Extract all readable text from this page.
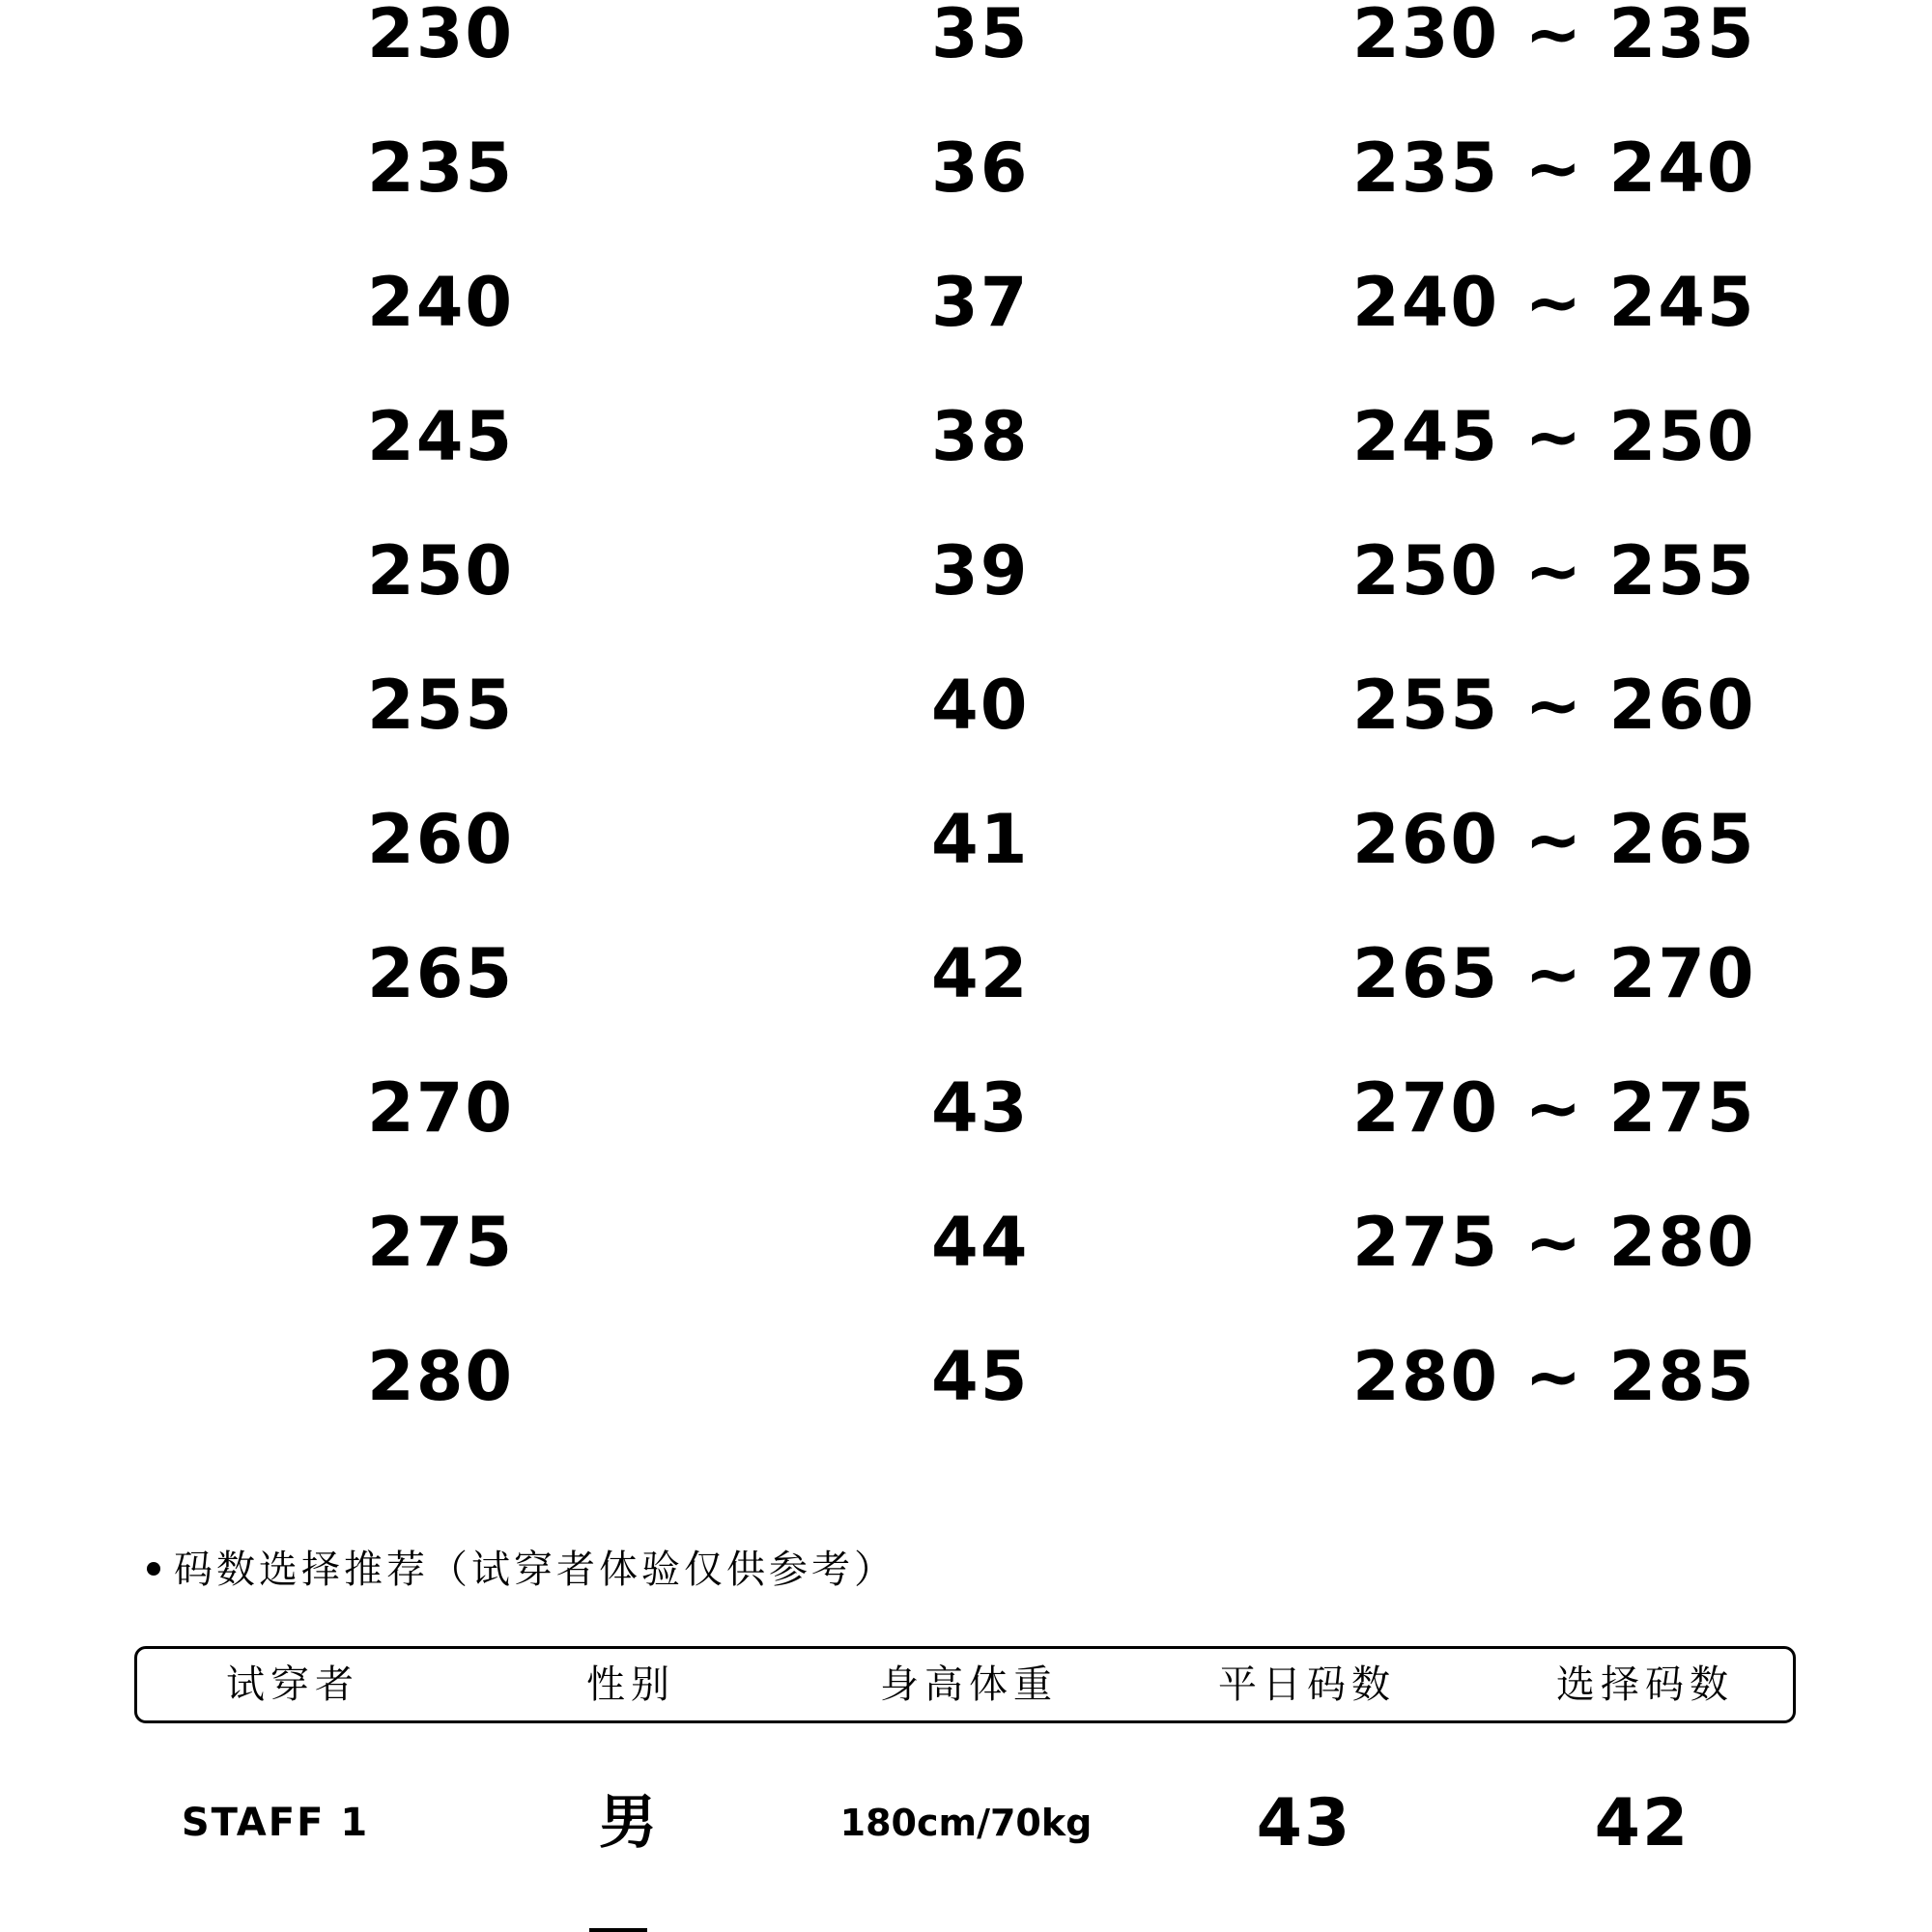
230	35	230 ~ 235
235	36	235 ~ 240
240	37	240 ~ 245
245	38	245 ~ 250
250	39	250 ~ 255
255	40	255 ~ 260
260	41	260 ~ 265
265	42	265 ~ 270
270	43	270 ~ 275
275	44	275 ~ 280
280	45	280 ~ 285
码数选择推荐（试穿者体验仅供参考）
试穿者	性别	身高体重	平日码数	选择码数
STAFF 1	男	180cm/70kg	43	42
